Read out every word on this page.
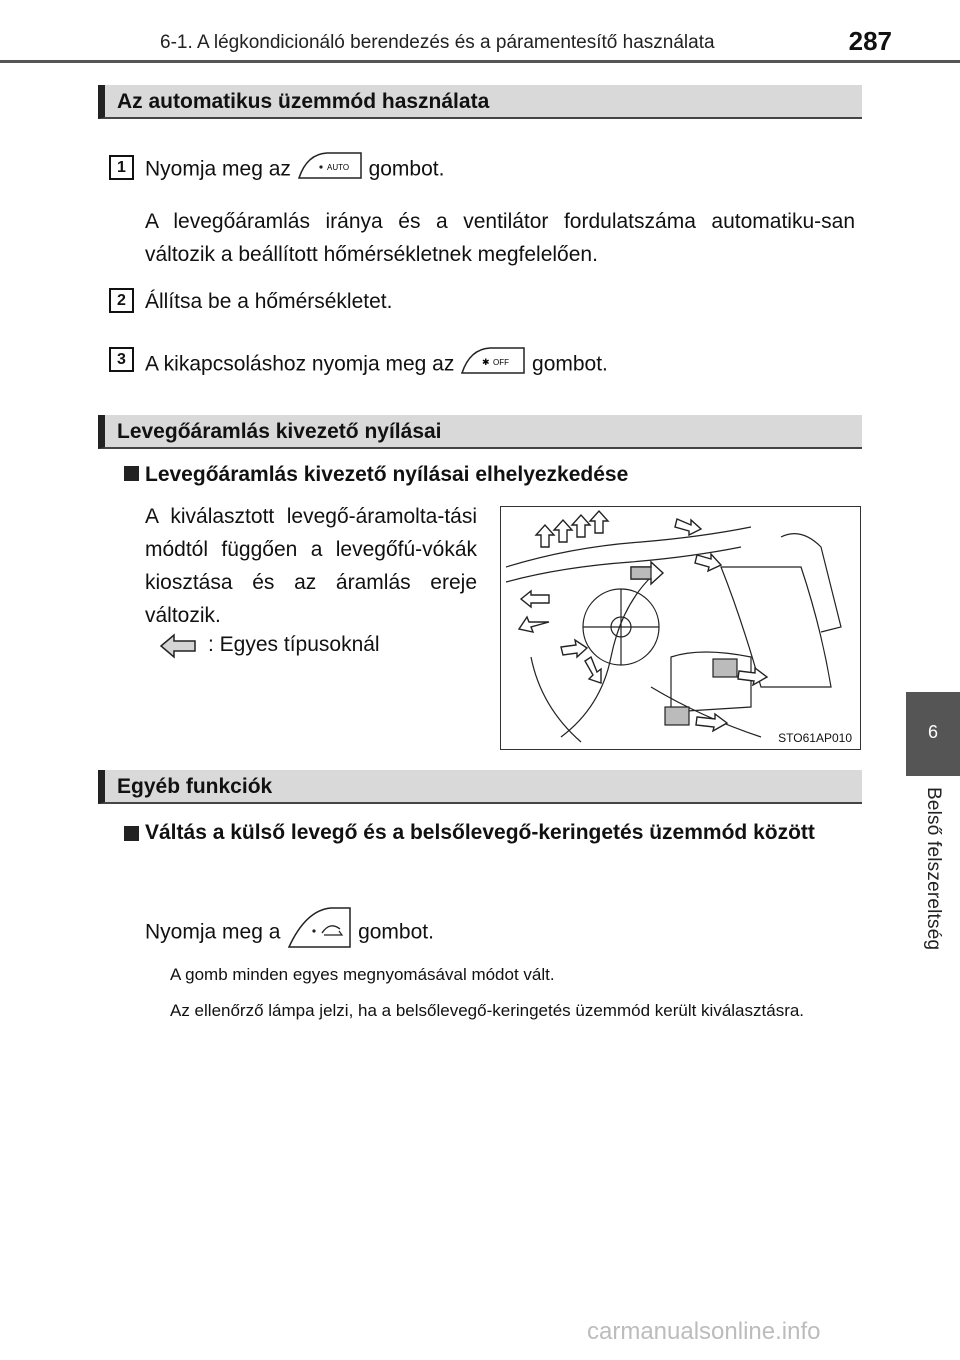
6-1. A légkondicionáló berendezés és a páramentesítő használata	287
6
Belső felszereltség
Az automatikus üzemmód használata
1 Nyomja meg az	AUTO gombot.
A levegőáramlás iránya és a ventilátor fordulatszáma automatiku-san változik a beállított hőmérsékletnek megfelelően.
2 Állítsa be a hőmérsékletet.
3 A kikapcsoláshoz nyomja meg az	✱ OFF gombot.
Levegőáramlás kivezető nyílásai
Levegőáramlás kivezető nyílásai elhelyezkedése
A kiválasztott levegő-áramolta-tási módtól függően a levegőfú-vókák kiosztása és az áramlás ereje változik.
: Egyes típusoknál
STO61AP010
Egyéb funkciók
Váltás a külső levegő és a belsőlevegő-keringetés üzemmód között
Nyomja meg a	gombot.
A gomb minden egyes megnyomásával módot vált.
Az ellenőrző lámpa jelzi, ha a belsőlevegő-keringetés üzemmód került kiválasztásra.
carmanualsonline.info
